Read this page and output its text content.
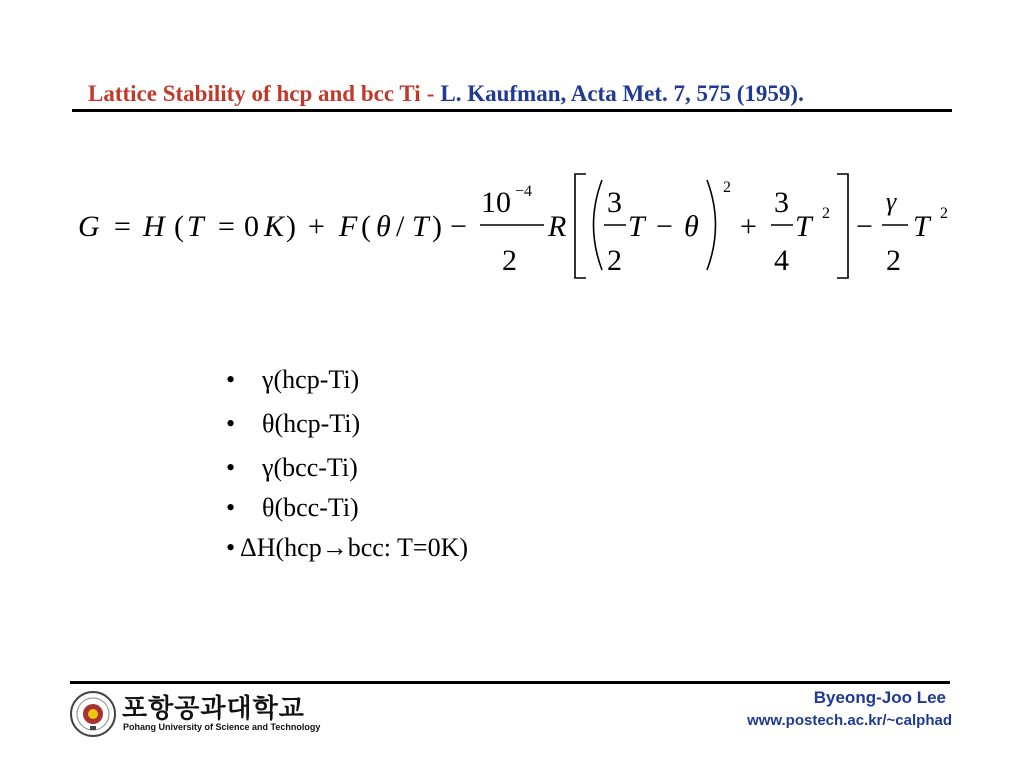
Lattice Stability of hcp and bcc Ti - L. Kaufman, Acta Met. 7, 575 (1959).
G H T K F θ T	R T θ	T
γ
T
= ( = 0 ) + ( / ) −
10
2
3
2
− +
3
4
−
2
−4	2
2	2
• γ(hcp-Ti)
• θ(hcp-Ti)
• γ(bcc-Ti)
• θ(bcc-Ti)
• ΔH(hcp→bcc: T=0K)
포항공과대학교
Pohang University of Science and Technology
Byeong-Joo Lee
www.postech.ac.kr/~calphad
